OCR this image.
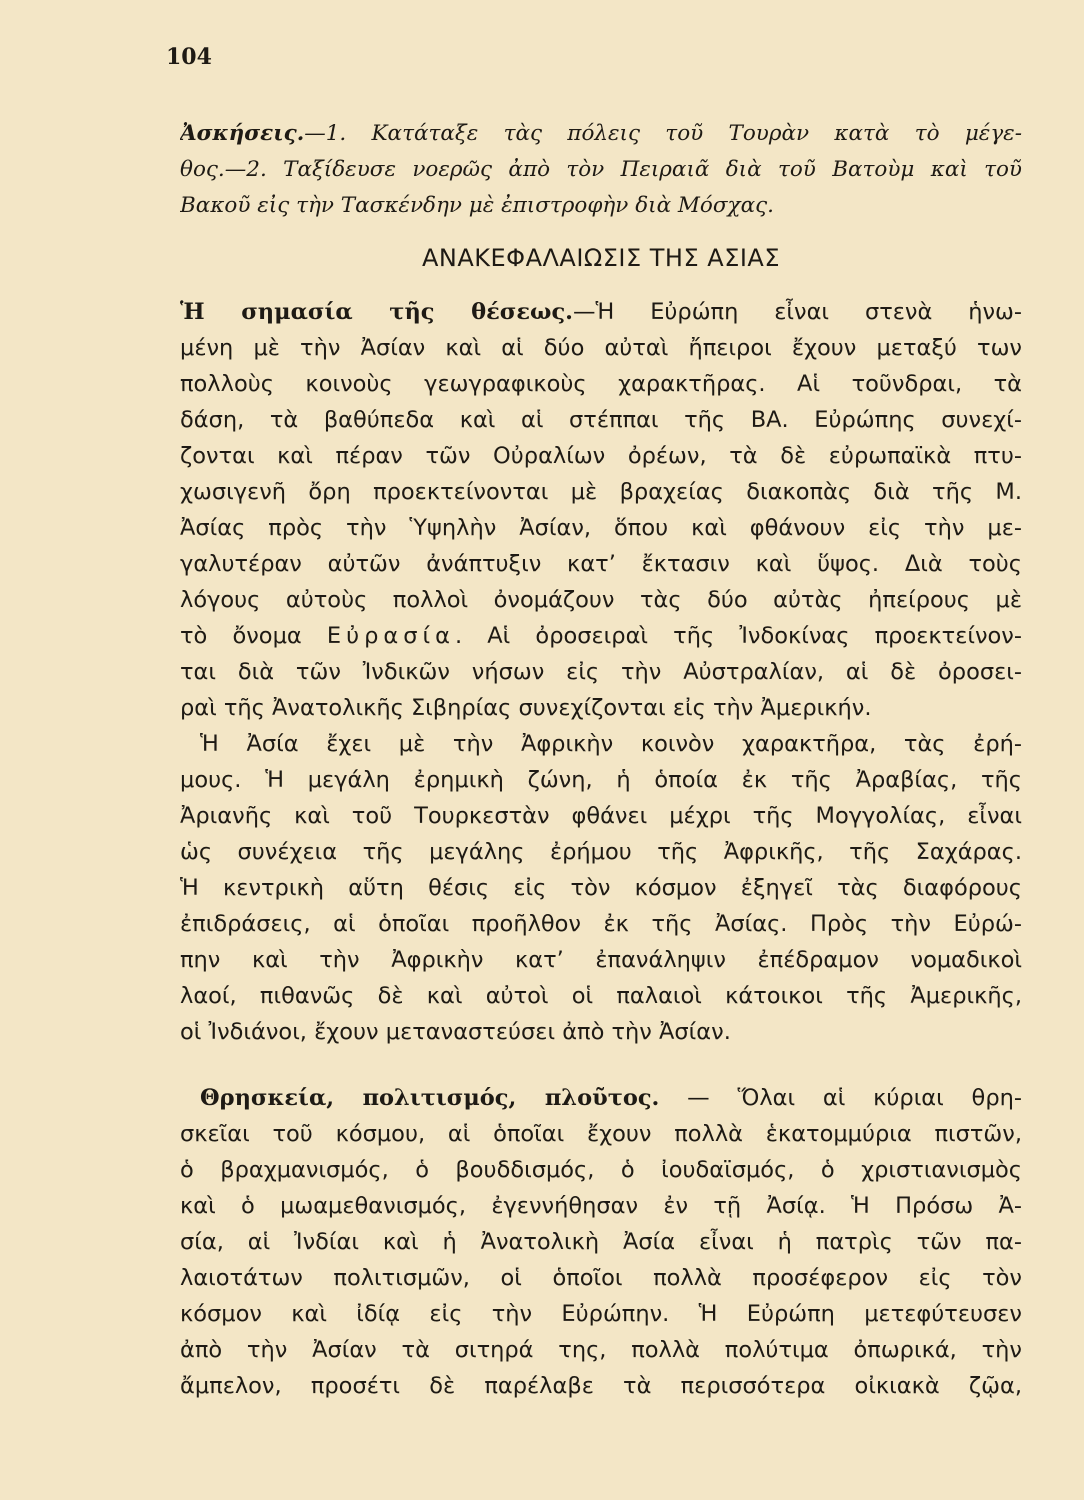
104
Ἀσκήσεις.—1. Κατάταξε τὰς πόλεις τοῦ Τουρὰν κατὰ τὸ μέγε-
θος.—2. Ταξίδευσε νοερῶς ἀπὸ τὸν Πειραιᾶ διὰ τοῦ Βατοὺμ καὶ τοῦ
Βακοῦ εἰς τὴν Τασκένδην μὲ ἐπιστροφὴν διὰ Μόσχας.
ΑΝΑΚΕΦΑΛΑΙΩΣΙΣ ΤΗΣ ΑΣΙΑΣ
Ἡ σημασία τῆς θέσεως.—Ἡ Εὐρώπη εἶναι στενὰ ἡνω-
μένη μὲ τὴν Ἀσίαν καὶ αἱ δύο αὐταὶ ἤπειροι ἔχουν μεταξύ των
πολλοὺς κοινοὺς γεωγραφικοὺς χαρακτῆρας. Αἱ τοῦνδραι, τὰ
δάση, τὰ βαθύπεδα καὶ αἱ στέππαι τῆς ΒΑ. Εὐρώπης συνεχί-
ζονται καὶ πέραν τῶν Οὐραλίων ὀρέων, τὰ δὲ εὐρωπαϊκὰ πτυ-
χωσιγενῆ ὄρη προεκτείνονται μὲ βραχείας διακοπὰς διὰ τῆς Μ.
Ἀσίας πρὸς τὴν Ὑψηλὴν Ἀσίαν, ὅπου καὶ φθάνουν εἰς τὴν με-
γαλυτέραν αὐτῶν ἀνάπτυξιν κατ’ ἔκτασιν καὶ ὕψος. Διὰ τοὺς
λόγους αὐτοὺς πολλοὶ ὀνομάζουν τὰς δύο αὐτὰς ἠπείρους μὲ
τὸ ὄνομα Εὐρασία. Αἱ ὀροσειραὶ τῆς Ἰνδοκίνας προεκτείνον-
ται διὰ τῶν Ἰνδικῶν νήσων εἰς τὴν Αὐστραλίαν, αἱ δὲ ὀροσει-
ραὶ τῆς Ἀνατολικῆς Σιβηρίας συνεχίζονται εἰς τὴν Ἀμερικήν.
Ἡ Ἀσία ἔχει μὲ τὴν Ἀφρικὴν κοινὸν χαρακτῆρα, τὰς ἐρή-
μους. Ἡ μεγάλη ἐρημικὴ ζώνη, ἡ ὁποία ἐκ τῆς Ἀραβίας, τῆς
Ἀριανῆς καὶ τοῦ Τουρκεστὰν φθάνει μέχρι τῆς Μογγολίας, εἶναι
ὡς συνέχεια τῆς μεγάλης ἐρήμου τῆς Ἀφρικῆς, τῆς Σαχάρας.
Ἡ κεντρικὴ αὕτη θέσις εἰς τὸν κόσμον ἐξηγεῖ τὰς διαφόρους
ἐπιδράσεις, αἱ ὁποῖαι προῆλθον ἐκ τῆς Ἀσίας. Πρὸς τὴν Εὐρώ-
πην καὶ τὴν Ἀφρικὴν κατ’ ἐπανάληψιν ἐπέδραμον νομαδικοὶ
λαοί, πιθανῶς δὲ καὶ αὐτοὶ οἱ παλαιοὶ κάτοικοι τῆς Ἀμερικῆς,
οἱ Ἰνδιάνοι, ἔχουν μεταναστεύσει ἀπὸ τὴν Ἀσίαν.
Θρησκεία, πολιτισμός, πλοῦτος. — Ὅλαι αἱ κύριαι θρη-
σκεῖαι τοῦ κόσμου, αἱ ὁποῖαι ἔχουν πολλὰ ἑκατομμύρια πιστῶν,
ὁ βραχμανισμός, ὁ βουδδισμός, ὁ ἰουδαϊσμός, ὁ χριστιανισμὸς
καὶ ὁ μωαμεθανισμός, ἐγεννήθησαν ἐν τῇ Ἀσίᾳ. Ἡ Πρόσω Ἀ-
σία, αἱ Ἰνδίαι καὶ ἡ Ἀνατολικὴ Ἀσία εἶναι ἡ πατρὶς τῶν πα-
λαιοτάτων πολιτισμῶν, οἱ ὁποῖοι πολλὰ προσέφερον εἰς τὸν
κόσμον καὶ ἰδίᾳ εἰς τὴν Εὐρώπην. Ἡ Εὐρώπη μετεφύτευσεν
ἀπὸ τὴν Ἀσίαν τὰ σιτηρά της, πολλὰ πολύτιμα ὀπωρικά, τὴν
ἄμπελον, προσέτι δὲ παρέλαβε τὰ περισσότερα οἰκιακὰ ζῷα,
